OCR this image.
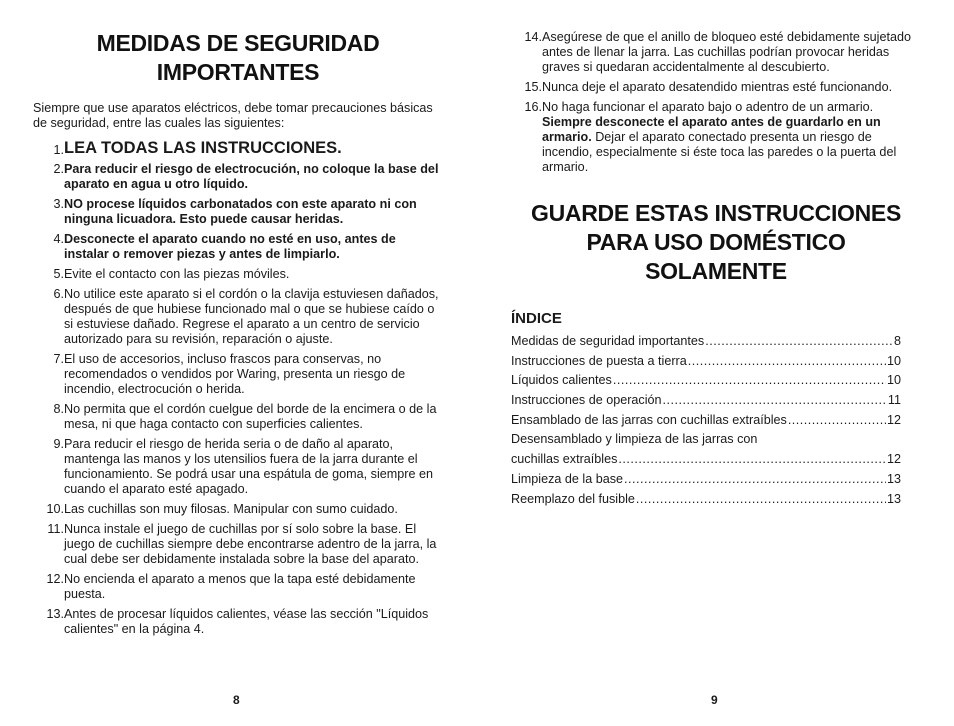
MEDIDAS DE SEGURIDAD
IMPORTANTES

Siempre que use aparatos eléctricos, debe tomar precauciones básicas de seguridad, entre las cuales las siguientes:

1. LEA TODAS LAS INSTRUCCIONES.
2. Para reducir el riesgo de electrocución, no coloque la base del aparato en agua u otro líquido.
3. NO procese líquidos carbonatados con este aparato ni con ninguna licuadora. Esto puede causar heridas.
4. Desconecte el aparato cuando no esté en uso, antes de instalar o remover piezas y antes de limpiarlo.
5. Evite el contacto con las piezas móviles.
6. No utilice este aparato si el cordón o la clavija estuviesen dañados, después de que hubiese funcionado mal o que se hubiese caído o si estuviese dañado. Regrese el aparato a un centro de servicio autorizado para su revisión, reparación o ajuste.
7. El uso de accesorios, incluso frascos para conservas, no recomendados o vendidos por Waring, presenta un riesgo de incendio, electrocución o herida.
8. No permita que el cordón cuelgue del borde de la encimera o de la mesa, ni que haga contacto con superficies calientes.
9. Para reducir el riesgo de herida seria o de daño al aparato, mantenga las manos y los utensilios fuera de la jarra durante el funcionamiento. Se podrá usar una espátula de goma, siempre en cuando el aparato esté apagado.
10. Las cuchillas son muy filosas. Manipular con sumo cuidado.
11. Nunca instale el juego de cuchillas por sí solo sobre la base. El juego de cuchillas siempre debe encontrarse adentro de la jarra, la cual debe ser debidamente instalada sobre la base del aparato.
12. No encienda el aparato a menos que la tapa esté debidamente puesta.
13. Antes de procesar líquidos calientes, véase las sección "Líquidos calientes" en la página 4.
8
14. Asegúrese de que el anillo de bloqueo esté debidamente sujetado antes de llenar la jarra. Las cuchillas podrían provocar heridas graves si quedaran accidentalmente al descubierto.
15. Nunca deje el aparato desatendido mientras esté funcionando.
16. No haga funcionar el aparato bajo o adentro de un armario. Siempre desconecte el aparato antes de guardarlo en un armario. Dejar el aparato conectado presenta un riesgo de incendio, especialmente si éste toca las paredes o la puerta del armario.
GUARDE ESTAS INSTRUCCIONES
PARA USO DOMÉSTICO
SOLAMENTE
ÍNDICE
Medidas de seguridad importantes .....	8
Instrucciones de puesta a tierra .....	10
Líquidos calientes .....	10
Instrucciones de operación .....	11
Ensamblado de las jarras con cuchillas extraíbles .....	12
Desensamblado y limpieza de las jarras con
cuchillas extraíbles .....	12
Limpieza de la base .....	13
Reemplazo del fusible .....	13
9
